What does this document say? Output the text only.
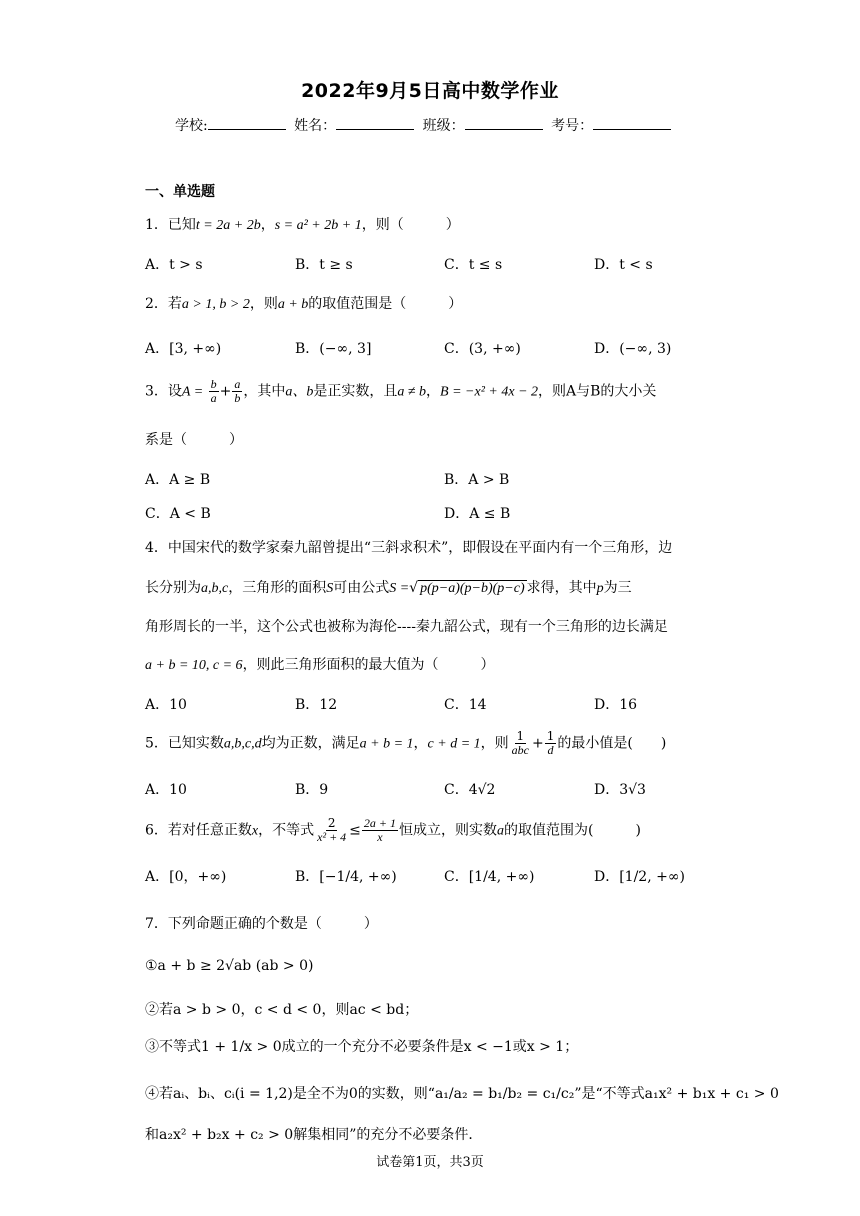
2022年9月5日高中数学作业
学校:	姓名：	班级：	考号：
一、单选题
1．已知t = 2a + 2b，s = a² + 2b + 1，则（　　　）
A．t > s	B．t ≥ s	C．t ≤ s	D．t < s
2．若a > 1, b > 2，则a + b的取值范围是（　　　）
A．[3, +∞)	B．(−∞, 3]	C．(3, +∞)	D．(−∞, 3)
3．设$A = \frac{b}{a} + \frac{a}{b}$ ，其中a、b是正实数，且a ≠ b，B = −x² + 4x − 2，则A与B的大小关
系是（　　　）
A．A ≥ B	B．A > B
C．A < B	D．A ≤ B
4．中国宋代的数学家秦九韶曾提出“三斜求积术”，即假设在平面内有一个三角形，边
长分别为a,b,c，三角形的面积S可由公式S =√ p(p−a)(p−b)(p−c) 求得，其中p为三
角形周长的一半，这个公式也被称为海伦----秦九韶公式，现有一个三角形的边长满足
a + b = 10, c = 6，则此三角形面积的最大值为（　　　）
A．10	B．12	C．14	D．16
5．已知实数a,b,c,d均为正数，满足a + b = 1，c + d = 1，则 $\frac{1}{\text{abc}} + \frac{1}{d}$ 的最小值是(　　)
A．10	B．9	C．4√2	D．3√3
6．若对任意正数x，不等式 $\frac{2}{\text{x² + 4}} \le \frac{2a + 1}{x}$ 恒成立，则实数a的取值范围为(　　　)
A．[0，+∞)	B．[−1/4, +∞)	C．[1/4, +∞)	D．[1/2, +∞)
7．下列命题正确的个数是（　　　）
①a + b ≥ 2√ab (ab > 0)
②若a > b > 0，c < d < 0，则ac < bd；
③不等式1 + 1/x > 0成立的一个充分不必要条件是x < −1或x > 1；
④若aᵢ、bᵢ、cᵢ(i = 1,2)是全不为0的实数，则“a₁/a₂ = b₁/b₂ = c₁/c₂”是“不等式a₁x² + b₁x + c₁ > 0
和a₂x² + b₂x + c₂ > 0解集相同”的充分不必要条件．
试卷第1页，共3页
